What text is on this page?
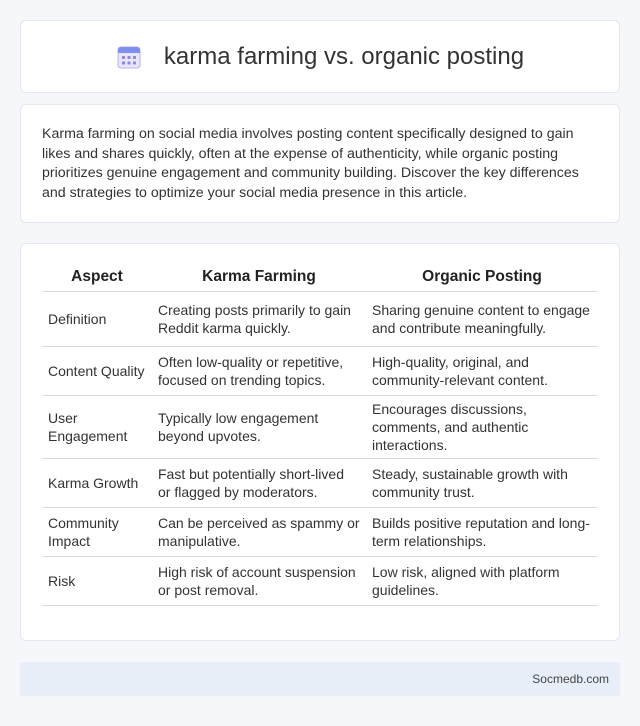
karma farming vs. organic posting

Karma farming on social media involves posting content specifically designed to gain likes and shares quickly, often at the expense of authenticity, while organic posting prioritizes genuine engagement and community building. Discover the key differences and strategies to optimize your social media presence in this article.

Aspect	Karma Farming	Organic Posting
Definition	Creating posts primarily to gain Reddit karma quickly.	Sharing genuine content to engage and contribute meaningfully.
Content Quality	Often low-quality or repetitive, focused on trending topics.	High-quality, original, and community-relevant content.
User Engagement	Typically low engagement beyond upvotes.	Encourages discussions, comments, and authentic interactions.
Karma Growth	Fast but potentially short-lived or flagged by moderators.	Steady, sustainable growth with community trust.
Community Impact	Can be perceived as spammy or manipulative.	Builds positive reputation and long-term relationships.
Risk	High risk of account suspension or post removal.	Low risk, aligned with platform guidelines.
Socmedb.com
